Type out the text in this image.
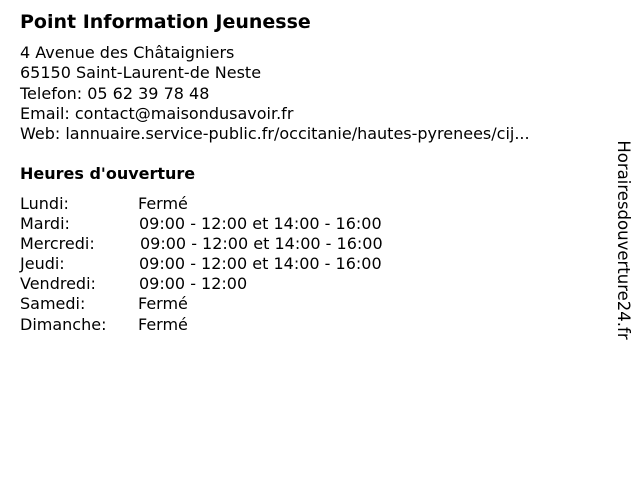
Point Information Jeunesse
4 Avenue des Châtaigniers
65150 Saint-Laurent-de Neste
Telefon: 05 62 39 78 48
Email: contact@maisondusavoir.fr
Web: lannuaire.service-public.fr/occitanie/hautes-pyrenees/cij...
Heures d'ouverture
Lundi:	Fermé
Mardi:	09:00 - 12:00 et 14:00 - 16:00
Mercredi:	09:00 - 12:00 et 14:00 - 16:00
Jeudi:	09:00 - 12:00 et 14:00 - 16:00
Vendredi:	09:00 - 12:00
Samedi:	Fermé
Dimanche: Fermé	Horairesdouverture24.fr
